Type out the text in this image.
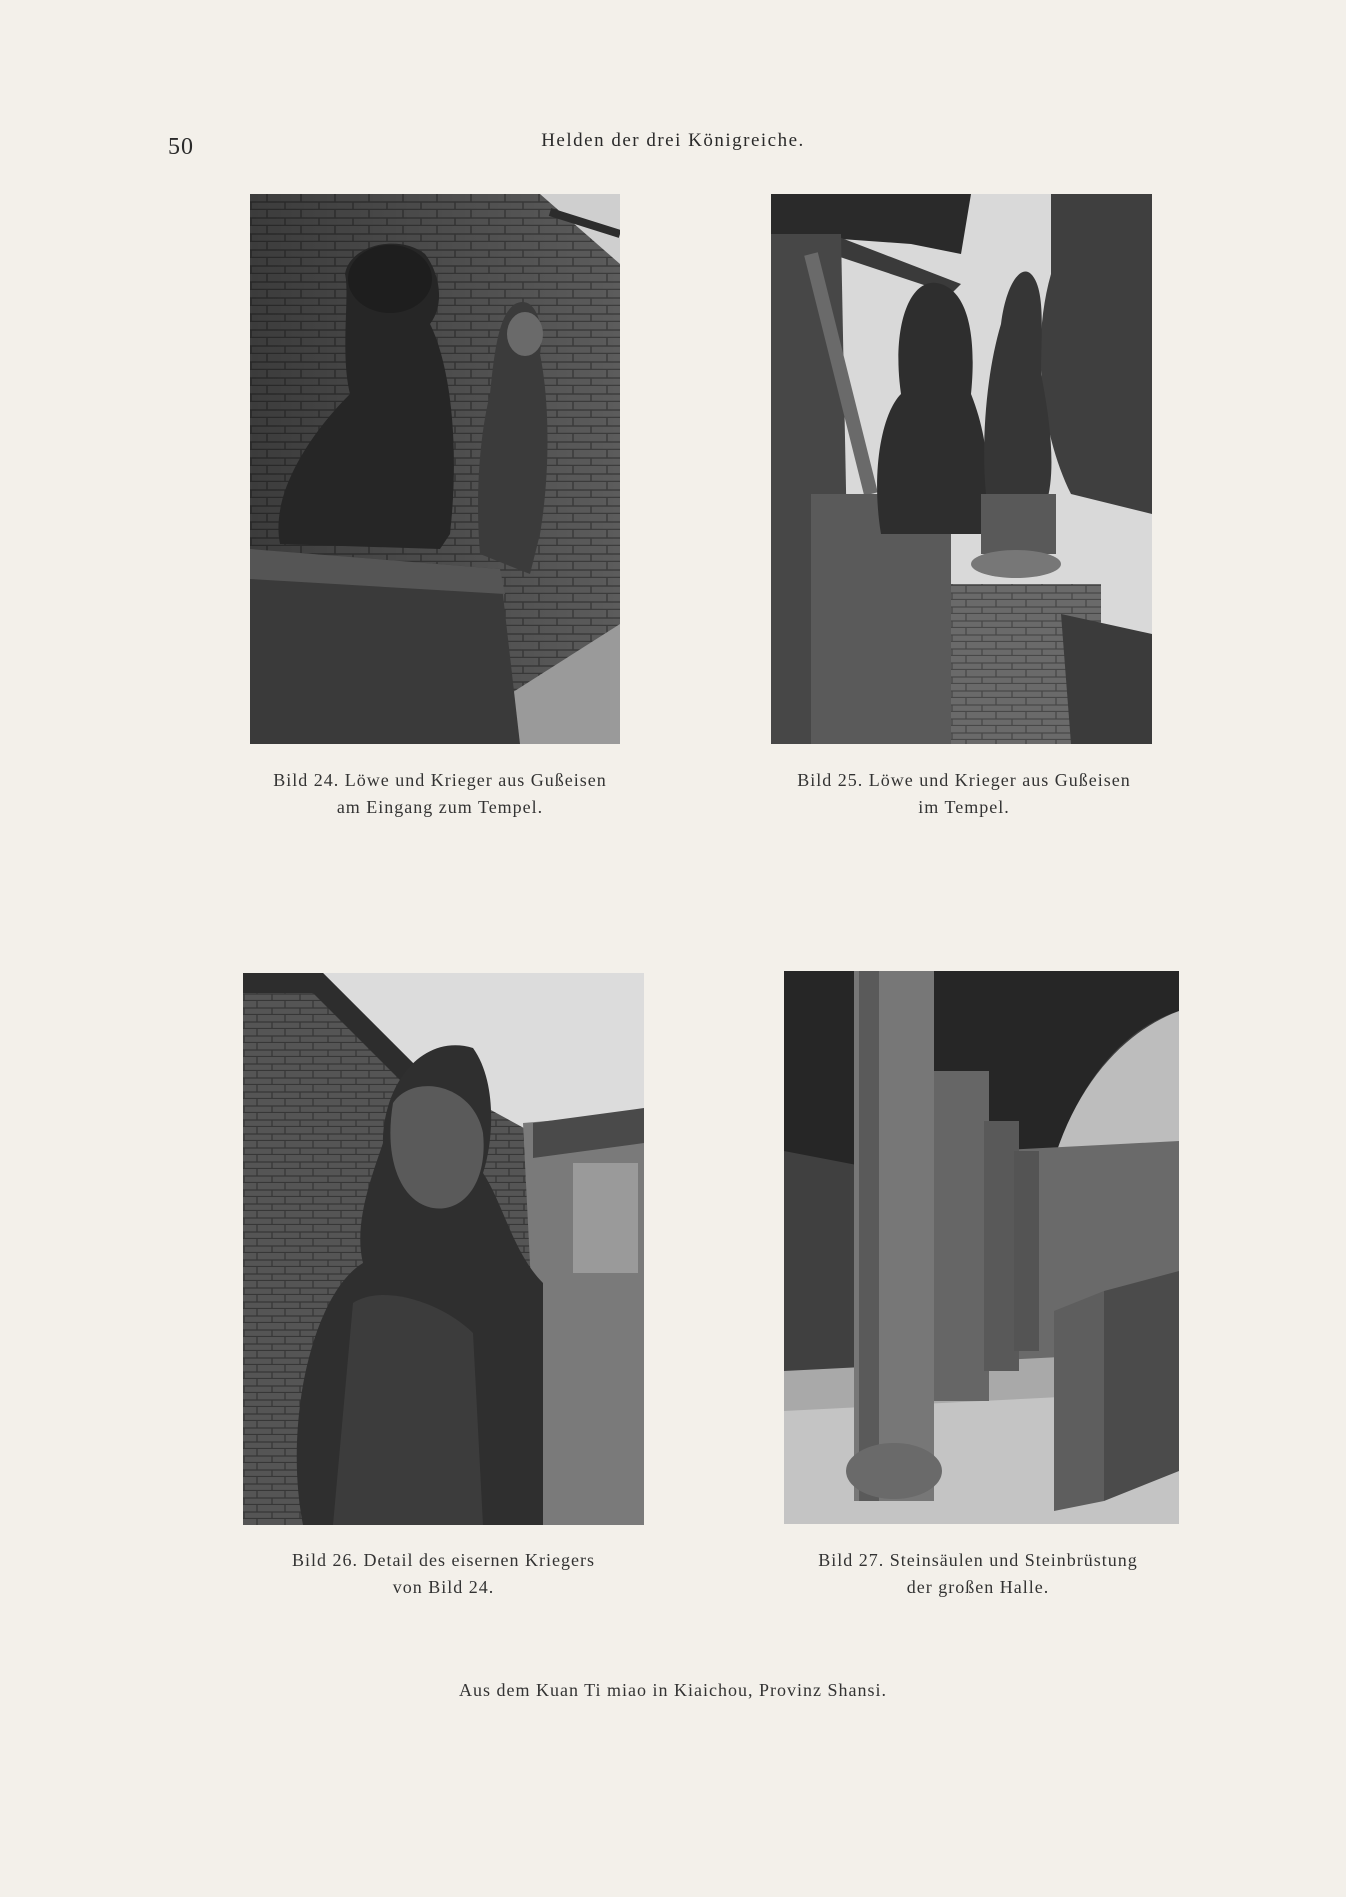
50	Helden der drei Königreiche.
Bild 24. Löwe und Krieger aus Gußeisen
am Eingang zum Tempel.
Bild 25. Löwe und Krieger aus Gußeisen
im Tempel.
Bild 26. Detail des eisernen Kriegers
von Bild 24.
Bild 27. Steinsäulen und Steinbrüstung
der großen Halle.
Aus dem Kuan Ti miao in Kiaichou, Provinz Shansi.
